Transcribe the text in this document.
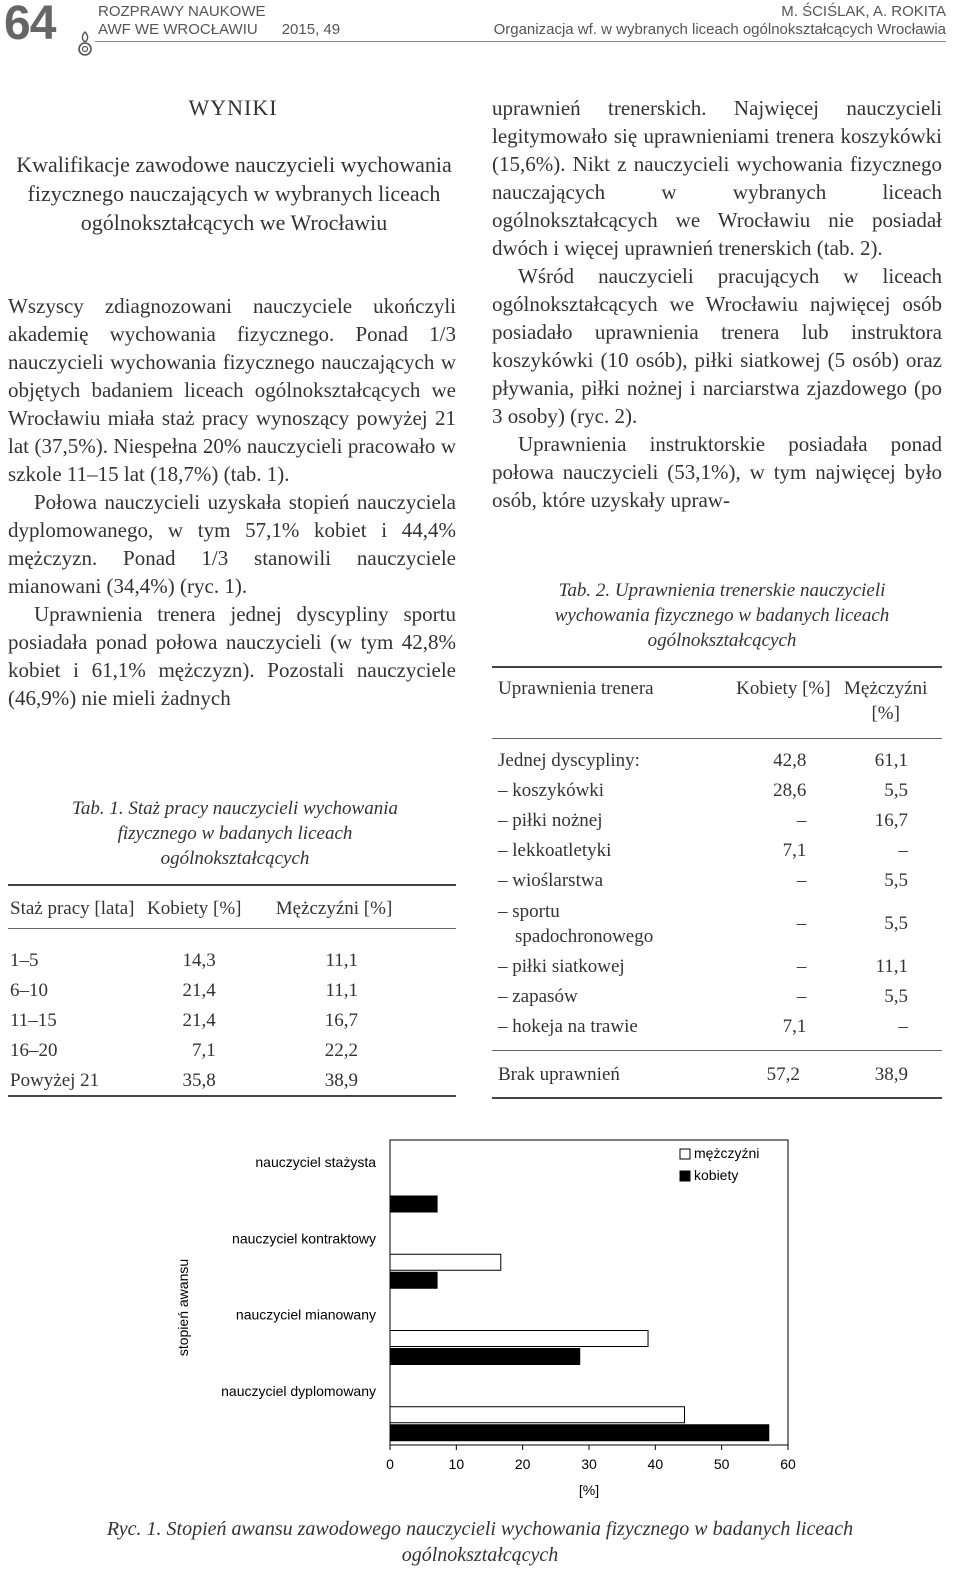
64	ROZPRAWY NAUKOWE
AWF WE WROCŁAWIU 2015, 49
M. ŚCIŚLAK, A. ROKITA
Organizacja wf. w wybranych liceach ogólnokształcących Wrocławia
WYNIKI
Kwalifikacje zawodowe nauczycieli wychowania fizycznego nauczających w wybranych liceach ogólnokształcących we Wrocławiu

Wszyscy zdiagnozowani nauczyciele ukończyli akademię wychowania fizycznego. Ponad 1/3 nauczycieli wychowania fizycznego nauczających w objętych badaniem liceach ogólnokształcących we Wrocławiu miała staż pracy wynoszący powyżej 21 lat (37,5%). Niespełna 20% nauczycieli pracowało w szkole 11–15 lat (18,7%) (tab. 1).

Połowa nauczycieli uzyskała stopień nauczyciela dyplomowanego, w tym 57,1% kobiet i 44,4% mężczyzn. Ponad 1/3 stanowili nauczyciele mianowani (34,4%) (ryc. 1).

Uprawnienia trenera jednej dyscypliny sportu posiadała ponad połowa nauczycieli (w tym 42,8% kobiet i 61,1% mężczyzn). Pozostali nauczyciele (46,9%) nie mieli żadnych

Tab. 1. Staż pracy nauczycieli wychowania fizycznego w badanych liceach ogólnokształcących
Staż pracy [lata]	Kobiety [%]	Mężczyźni [%]

1–5	14,3	11,1
6–10	21,4	11,1
11–15	21,4	16,7
16–20	7,1	22,2
Powyżej 21	35,8	38,9

uprawnień trenerskich. Najwięcej nauczycieli legitymowało się uprawnieniami trenera koszykówki (15,6%). Nikt z nauczycieli wychowania fizycznego nauczających w wybranych liceach ogólnokształcących we Wrocławiu nie posiadał dwóch i więcej uprawnień trenerskich (tab. 2).

Wśród nauczycieli pracujących w liceach ogólnokształcących we Wrocławiu najwięcej osób posiadało uprawnienia trenera lub instruktora koszykówki (10 osób), piłki siatkowej (5 osób) oraz pływania, piłki nożnej i narciarstwa zjazdowego (po 3 osoby) (ryc. 2).

Uprawnienia instruktorskie posiadała ponad połowa nauczycieli (53,1%), w tym najwięcej było osób, które uzyskały upraw-

Tab. 2. Uprawnienia trenerskie nauczycieli wychowania fizycznego w badanych liceach ogólnokształcących
Uprawnienia trenera	Kobiety [%]	Mężczyźni [%]
Jednej dyscypliny:	42,8	61,1
– koszykówki	28,6	5,5
– piłki nożnej	–	16,7
– lekkoatletyki	7,1	–
– wioślarstwa	–	5,5
– sportu spadochronowego	–	5,5
– piłki siatkowej	–	11,1
– zapasów	–	5,5
– hokeja na trawie	7,1	–
Brak uprawnień	57,2	38,9
0	10	20	30	40	50	60
[%]
stopień awansu
nauczyciel stażysta
nauczyciel kontraktowy
nauczyciel mianowany
nauczyciel dyplomowany
mężczyźni
kobiety
Ryc. 1. Stopień awansu zawodowego nauczycieli wychowania fizycznego w badanych liceach ogólnokształcących
